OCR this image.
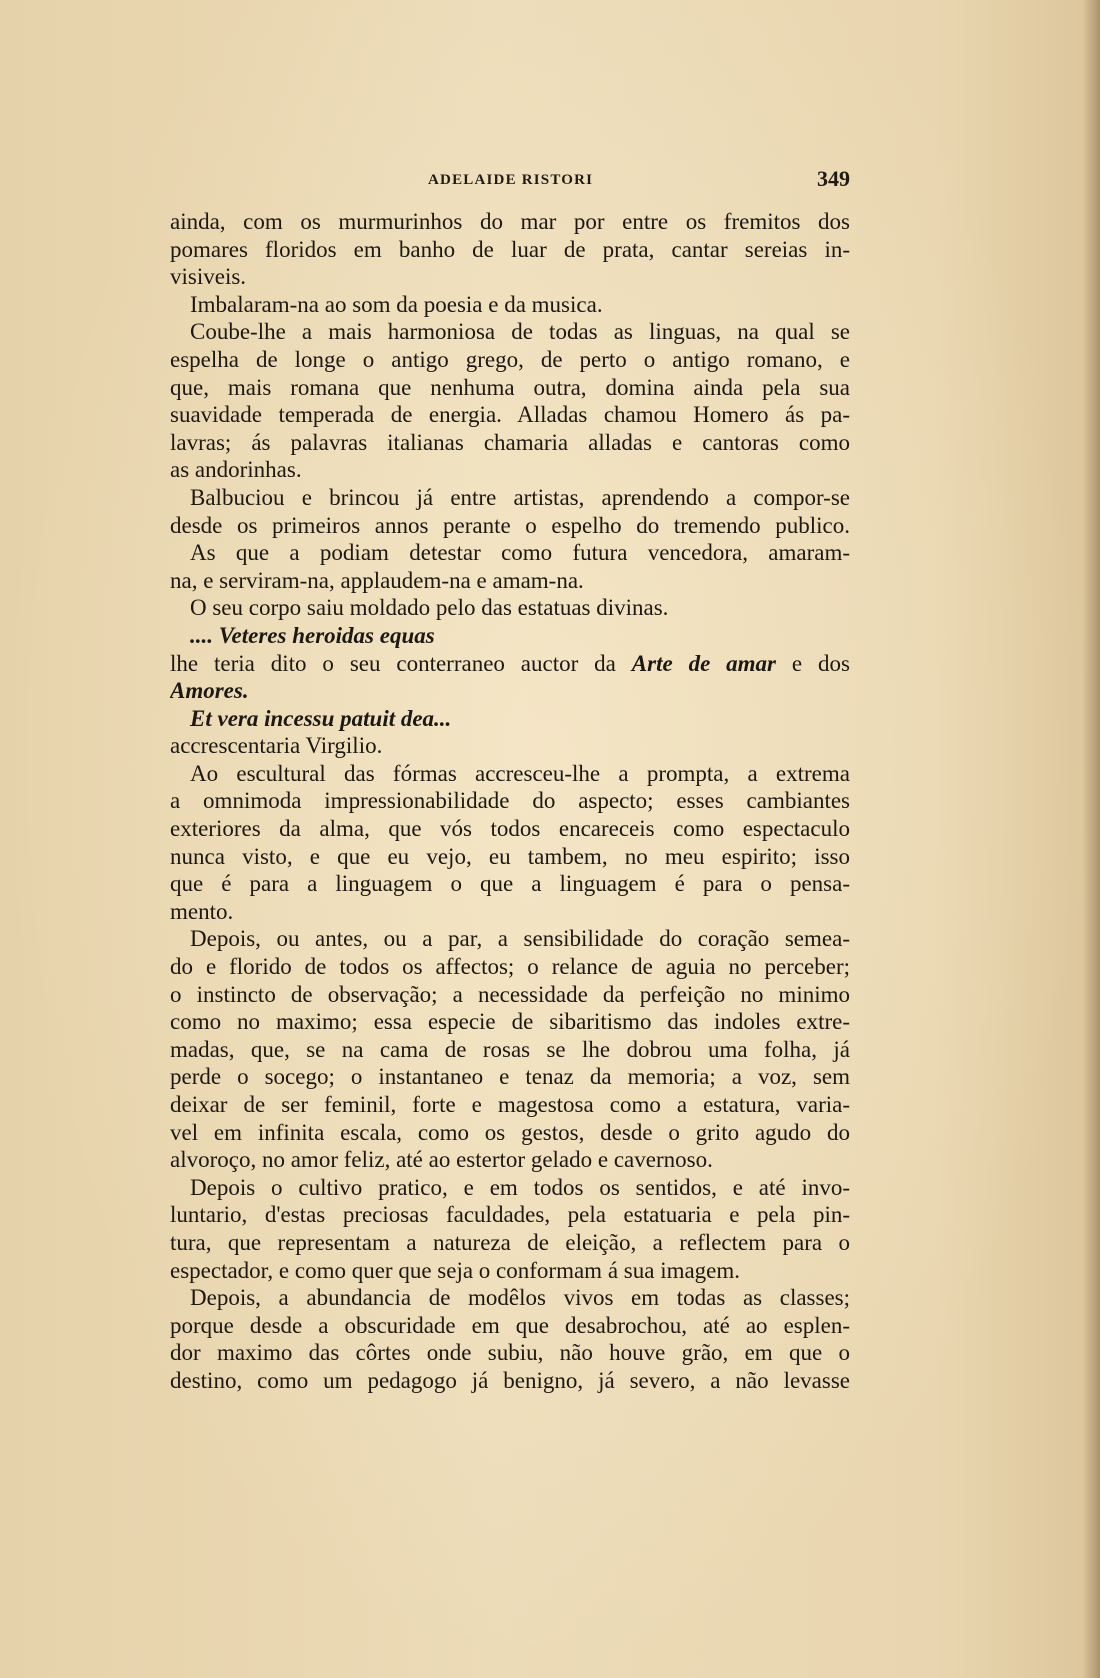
ADELAIDE RISTORI	349
ainda, com os murmurinhos do mar por entre os fremitos dos
pomares floridos em banho de luar de prata, cantar sereias in-
visiveis.
Imbalaram-na ao som da poesia e da musica.
Coube-lhe a mais harmoniosa de todas as linguas, na qual se
espelha de longe o antigo grego, de perto o antigo romano, e
que, mais romana que nenhuma outra, domina ainda pela sua
suavidade temperada de energia. Alladas chamou Homero ás pa-
lavras; ás palavras italianas chamaria alladas e cantoras como
as andorinhas.
Balbuciou e brincou já entre artistas, aprendendo a compor-se
desde os primeiros annos perante o espelho do tremendo publico.
As que a podiam detestar como futura vencedora, amaram-
na, e serviram-na, applaudem-na e amam-na.
O seu corpo saiu moldado pelo das estatuas divinas.
.... Veteres heroidas equas
lhe teria dito o seu conterraneo auctor da Arte de amar e dos
Amores.
Et vera incessu patuit dea...
accrescentaria Virgilio.
Ao escultural das fórmas accresceu-lhe a prompta, a extrema
a omnimoda impressionabilidade do aspecto; esses cambiantes
exteriores da alma, que vós todos encareceis como espectaculo
nunca visto, e que eu vejo, eu tambem, no meu espirito; isso
que é para a linguagem o que a linguagem é para o pensa-
mento.
Depois, ou antes, ou a par, a sensibilidade do coração semea-
do e florido de todos os affectos; o relance de aguia no perceber;
o instincto de observação; a necessidade da perfeição no minimo
como no maximo; essa especie de sibaritismo das indoles extre-
madas, que, se na cama de rosas se lhe dobrou uma folha, já
perde o socego; o instantaneo e tenaz da memoria; a voz, sem
deixar de ser feminil, forte e magestosa como a estatura, varia-
vel em infinita escala, como os gestos, desde o grito agudo do
alvoroço, no amor feliz, até ao estertor gelado e cavernoso.
Depois o cultivo pratico, e em todos os sentidos, e até invo-
luntario, d'estas preciosas faculdades, pela estatuaria e pela pin-
tura, que representam a natureza de eleição, a reflectem para o
espectador, e como quer que seja o conformam á sua imagem.
Depois, a abundancia de modêlos vivos em todas as classes;
porque desde a obscuridade em que desabrochou, até ao esplen-
dor maximo das côrtes onde subiu, não houve grão, em que o
destino, como um pedagogo já benigno, já severo, a não levasse
